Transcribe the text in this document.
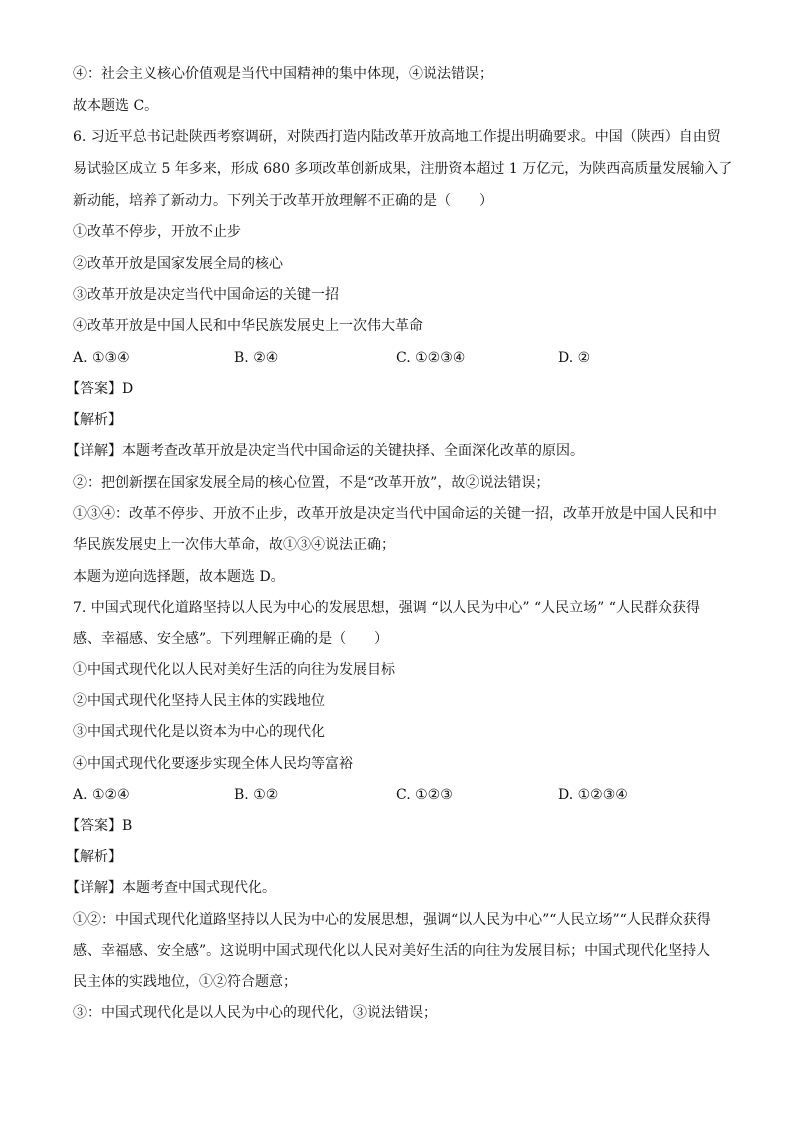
④：社会主义核心价值观是当代中国精神的集中体现，④说法错误；
故本题选 C。
6. 习近平总书记赴陕西考察调研，对陕西打造内陆改革开放高地工作提出明确要求。中国（陕西）自由贸
易试验区成立 5 年多来，形成 680 多项改革创新成果，注册资本超过 1 万亿元，为陕西高质量发展输入了
新动能，培养了新动力。下列关于改革开放理解不正确的是（　　）
①改革不停步，开放不止步
②改革开放是国家发展全局的核心
③改革开放是决定当代中国命运的关键一招
④改革开放是中国人民和中华民族发展史上一次伟大革命
A. ①③④	B. ②④	C. ①②③④	D. ②
【答案】D
【解析】
【详解】本题考查改革开放是决定当代中国命运的关键抉择、全面深化改革的原因。
②：把创新摆在国家发展全局的核心位置，不是“改革开放”，故②说法错误；
①③④：改革不停步、开放不止步，改革开放是决定当代中国命运的关键一招，改革开放是中国人民和中
华民族发展史上一次伟大革命，故①③④说法正确；
本题为逆向选择题，故本题选 D。
7. 中国式现代化道路坚持以人民为中心的发展思想，强调 “以人民为中心” “人民立场” “人民群众获得
感、幸福感、安全感”。下列理解正确的是（　　）
①中国式现代化以人民对美好生活的向往为发展目标
②中国式现代化坚持人民主体的实践地位
③中国式现代化是以资本为中心的现代化
④中国式现代化要逐步实现全体人民均等富裕
A. ①②④	B. ①②	C. ①②③	D. ①②③④
【答案】B
【解析】
【详解】本题考查中国式现代化。
①②：中国式现代化道路坚持以人民为中心的发展思想，强调“以人民为中心”“人民立场”“人民群众获得
感、幸福感、安全感”。这说明中国式现代化以人民对美好生活的向往为发展目标；中国式现代化坚持人
民主体的实践地位，①②符合题意；
③：中国式现代化是以人民为中心的现代化，③说法错误；
